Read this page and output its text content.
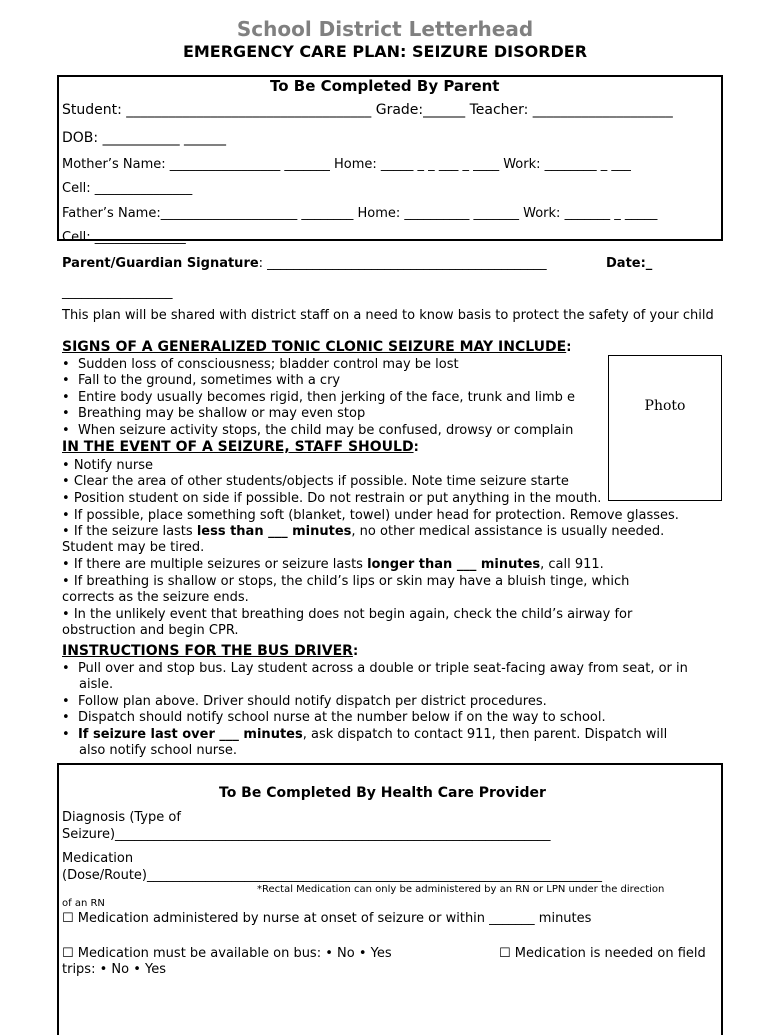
School District Letterhead
EMERGENCY CARE PLAN: SEIZURE DISORDER
To Be Completed By Parent
Student: ___________________________________ Grade:______ Teacher: ____________________
DOB: ___________ ______
Mother’s Name: _________________ _______ Home: _____ _ _ ___ _ ____ Work: ________ _ ___
Cell: _______________
Father’s Name:_____________________ ________ Home: __________ _______ Work: _______ _ _____
Cell: ______________
Parent/Guardian Signature: ___________________________________________	Date:_
_________________
This plan will be shared with district staff on a need to know basis to protect the safety of your child
SIGNS OF A GENERALIZED TONIC CLONIC SEIZURE MAY INCLUDE:
•  Sudden loss of consciousness; bladder control may be lost
•  Fall to the ground, sometimes with a cry
•  Entire body usually becomes rigid, then jerking of the face, trunk and limb e
•  Breathing may be shallow or may even stop
•  When seizure activity stops, the child may be confused, drowsy or complain
IN THE EVENT OF A SEIZURE, STAFF SHOULD:
• Notify nurse
• Clear the area of other students/objects if possible. Note time seizure starte
• Position student on side if possible. Do not restrain or put anything in the mouth.
• If possible, place something soft (blanket, towel) under head for protection. Remove glasses.
• If the seizure lasts less than ___ minutes, no other medical assistance is usually needed.
Student may be tired.
• If there are multiple seizures or seizure lasts longer than ___ minutes, call 911.
• If breathing is shallow or stops, the child’s lips or skin may have a bluish tinge, which
corrects as the seizure ends.
• In the unlikely event that breathing does not begin again, check the child’s airway for
obstruction and begin CPR.
INSTRUCTIONS FOR THE BUS DRIVER:
•  Pull over and stop bus. Lay student across a double or triple seat-facing away from seat, or in
aisle.
•  Follow plan above. Driver should notify dispatch per district procedures.
•  Dispatch should notify school nurse at the number below if on the way to school.
•  If seizure last over ___ minutes, ask dispatch to contact 911, then parent. Dispatch will
also notify school nurse.
Photo
To Be Completed By Health Care Provider
Diagnosis (Type of
Seizure)___________________________________________________________________
Medication
(Dose/Route)______________________________________________________________________
*Rectal Medication can only be administered by an RN or LPN under the direction
of an RN
☐ Medication administered by nurse at onset of seizure or within _______ minutes
☐ Medication must be available on bus: • No • Yes	☐ Medication is needed on field
trips: • No • Yes
